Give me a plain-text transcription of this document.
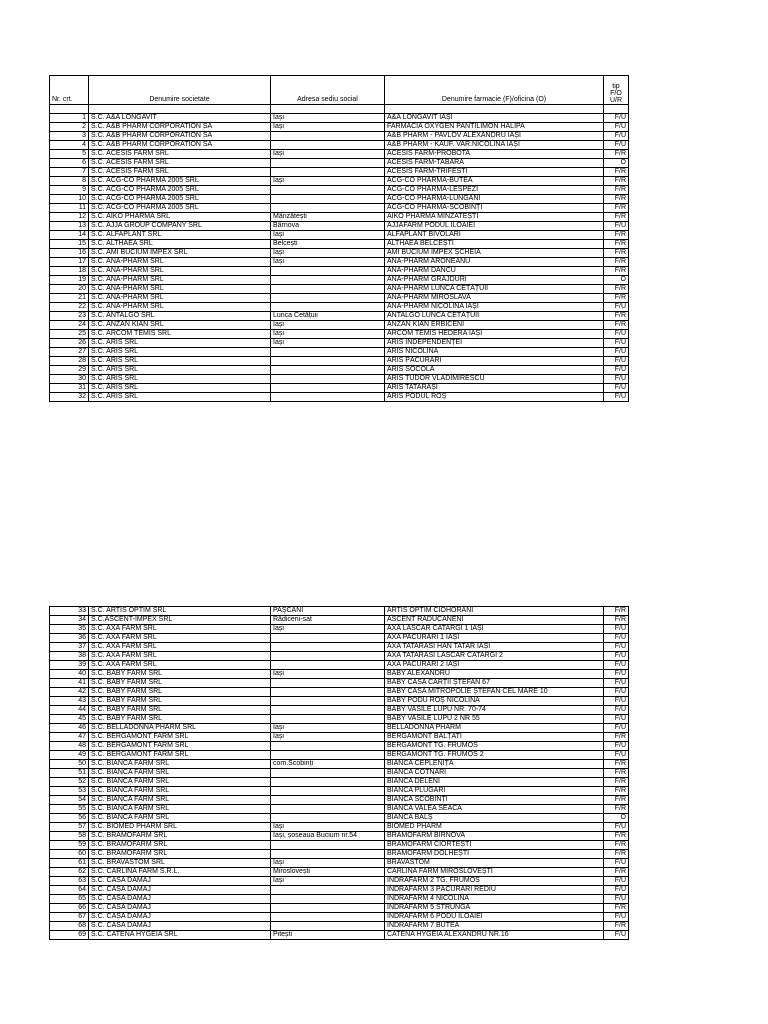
Nr. crt.	Denumire societate	Adresa sediu social	Denumire farmacie (F)/oficina (O)	tip
F/O
U/R

1	S.C. A&A LONGAVIT	Iași	A&A LONGAVIT IAȘI	F/U
2	S.C. A&B PHARM CORPORATION SA	Iași	FARMACIA OXYGEN PANTILIMON HALIPA	F/U
3	S.C. A&B PHARM CORPORATION SA		A&B PHARM - PAVLOV ALEXANDRU IAȘI	F/U
4	S.C. A&B PHARM CORPORATION SA		A&B PHARM - KAUF. VAR.NICOLINA IAȘI	F/U
5	S.C. ACESIS FARM SRL	Iași	ACESIS FARM-PROBOTA	F/R
6	S.C. ACESIS FARM SRL		ACESIS FARM-TABARA	O
7	S.C. ACESIS FARM SRL		ACESIS FARM-TRIFESTI	F/R
8	S.C. ACG-CO PHARMA 2005 SRL	Iași	ACG-CO PHARMA-BUTEA	F/R
9	S.C. ACG-CO PHARMA 2005 SRL		ACG-CO PHARMA-LESPEZI	F/R
10	S.C. ACG-CO PHARMA 2005 SRL		ACG-CO PHARMA-LUNGANI	F/R
11	S.C. ACG-CO PHARMA 2005 SRL		ACG-CO PHARMA-SCOBINȚI	F/R
12	S.C. AIKO PHARMA SRL	Mânzătești	AIKO PHARMA MINZATEȘTI	F/R
13	S.C. AJJA GROUP COMPANY SRL	Bârnova	AJJAFARM PODUL ILOAIEI	F/U
14	S.C. ALFAPLANT SRL	Iași	ALFAPLANT BIVOLARI	F/R
15	S.C. ALTHAEA SRL	Belcești	ALTHAEA BELCEȘTI	F/R
16	S.C. AMI BUCIUM IMPEX SRL	Iași	AMI BUCIUM IMPEX ȘCHEIA	F/R
17	S.C. ANA-PHARM SRL	Iași	ANA-PHARM ARONEANU	F/R
18	S.C. ANA-PHARM SRL		ANA-PHARM DANCU	F/R
19	S.C. ANA-PHARM SRL		ANA-PHARM GRAJDURI	O
20	S.C. ANA-PHARM SRL		ANA-PHARM LUNCA CETĂȚUII	F/R
21	S.C. ANA-PHARM SRL		ANA-PHARM MIROSLAVA	F/R
22	S.C. ANA-PHARM SRL		ANA-PHARM NICOLINA IAȘI	F/U
23	S.C. ANTALGO SRL	Lunca Cetățuii	ANTALGO LUNCA CETĂȚUII	F/R
24	S.C. ANZAN KIAN SRL	Iași	ANZAN KIAN ERBICENI	F/R
25	S.C. ARCOM TEMIS SRL	Iași	ARCOM TEMIS HEDERA IAȘI	F/U
26	S.C. ARIS SRL	Iași	ARIS INDEPENDENȚEI	F/U
27	S.C. ARIS SRL		ARIS NICOLINA	F/U
28	S.C. ARIS SRL		ARIS PĂCURARI	F/U
29	S.C. ARIS SRL		ARIS SOCOLA	F/U
30	S.C. ARIS SRL		ARIS TUDOR VLADIMIRESCU	F/U
31	S.C. ARIS SRL		ARIS TATARAȘI	F/U
32	S.C. ARIS SRL		ARIS PODUL ROȘ	F/U
33	S.C. ARTIS OPTIM SRL	PAȘCANI	ARTIS OPTIM CIOHORANI	F/R
34	S.C.ASCENT-IMPEX SRL	Rădiceni-sat	ASCENT RADUCANENI	F/R
35	S.C. AXA FARM SRL	Iași	AXA LASCAR CATARGI 1 IAȘI	F/U
36	S.C. AXA FARM SRL		AXA PACURARI 1 IAȘI	F/U
37	S.C. AXA FARM SRL		AXA TATARASI HAN TATAR IAȘI	F/U
38	S.C. AXA FARM SRL		AXA TATARASI LASCAR CATARGI 2	F/U
39	S.C. AXA FARM SRL		AXA PACURARI 2 IAȘI	F/U
40	S.C. BABY FARM SRL	Iași	BABY ALEXANDRU	F/U
41	S.C. BABY FARM SRL		BABY CASA CĂRȚII ȘTEFAN 67	F/U
42	S.C. BABY FARM SRL		BABY CASA MITROPOLIE ȘTEFAN CEL MARE 10	F/U
43	S.C. BABY FARM SRL		BABY PODU ROȘ NICOLINA	F/U
44	S.C. BABY FARM SRL		BABY VASILE LUPU NR. 70-74	F/U
45	S.C. BABY FARM SRL		BABY VASILE LUPU 2 NR 55	F/U
46	S.C. BELLADONNA PHARM SRL	Iași	BELLADONNA PHARM	F/U
47	S.C. BERGAMONT FARM SRL	Iași	BERGAMONT BALȚATI	F/R
48	S.C. BERGAMONT FARM SRL		BERGAMONT TG. FRUMOS	F/U
49	S.C. BERGAMONT FARM SRL		BERGAMONT TG. FRUMOS 2	F/U
50	S.C. BIANCA FARM SRL	com.Scobinți	BIANCA CEPLENIȚA	F/R
51	S.C. BIANCA FARM SRL		BIANCA COTNARI	F/R
52	S.C. BIANCA FARM SRL		BIANCA DELENI	F/R
53	S.C. BIANCA FARM SRL		BIANCA PLUGARI	F/R
54	S.C. BIANCA FARM SRL		BIANCA SCOBINȚI	F/R
55	S.C. BIANCA FARM SRL		BIANCA VALEA SEACA	F/R
56	S.C. BIANCA FARM SRL		BIANCA BALȘ	O
57	S.C. BIOMED PHARM SRL	Iași	BIOMED PHARM	F/U
58	S.C. BRAMOFARM SRL	Iași, șoseaua Bucium nr.54	BRAMOFARM BIRNOVA	F/R
59	S.C. BRAMOFARM SRL		BRAMOFARM CIORTEȘTI	F/R
60	S.C. BRAMOFARM SRL		BRAMOFARM DOLHEȘTI	F/R
61	S.C. BRAVASTOM SRL	Iași	BRAVASTOM	F/U
62	S.C. CARLINA FARM S.R.L.	Miroslovești	CARLINA FARM MIROSLOVEȘTI	F/R
63	S.C. CASA DAMAJ	Iași	INDRAFARM 2 TG. FRUMOS	F/U
64	S.C. CASA DAMAJ		INDRAFARM 3 PĂCURARI REDIU	F/U
65	S.C. CASA DAMAJ		INDRAFARM 4 NICOLINA	F/U
66	S.C. CASA DAMAJ		INDRAFARM 5 STRUNGA	F/R
67	S.C. CASA DAMAJ		INDRAFARM 6 PODU ILOAIEI	F/U
68	S.C. CASA DAMAJ		INDRAFARM 7 BUTEA	F/R
69	S.C. CATENA HYGEIA SRL	Pitești	CATENA HYGEIA ALEXANDRU NR.16	F/U
